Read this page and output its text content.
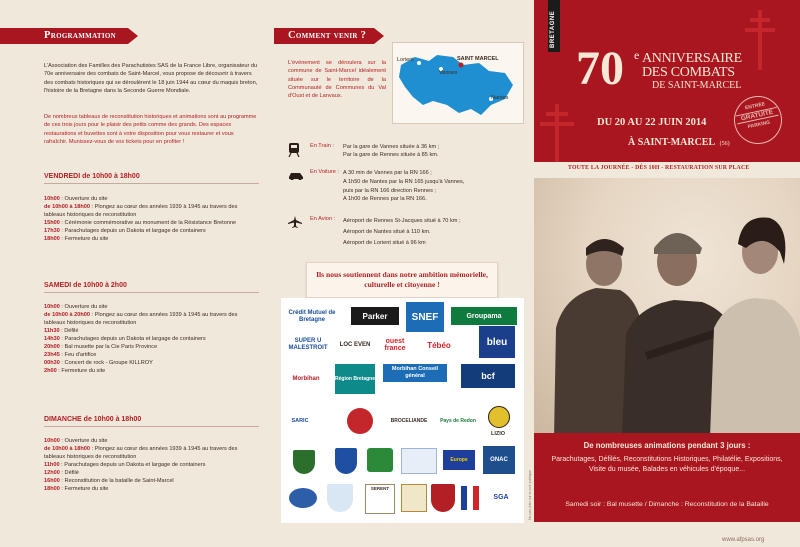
Programmation
L'Association des Familles des Parachutistes SAS de la France Libre, organisateur du 70e anniversaire des combats de Saint-Marcel, vous propose de découvrir à travers des combats historiques qui se déroulèrent le 18 juin 1944 au cœur du maquis breton, l'histoire de la Bretagne dans la Seconde Guerre Mondiale.
De nombreux tableaux de reconstitution historiques et animations sont au programme de ces trois jours pour le plaisir des petits comme des grands. Des espaces restaurations et buvettes sont à votre disposition pour vous restaurer et vous rafraîchir. Munissez-vous de vos tickets pour en profiter !
VENDREDI de 10h00 à 18h00
10h00 : Ouverture du site
de 10h00 à 18h00 : Plongez au cœur des années 1939 à 1945 au travers des tableaux historiques de reconstitution
15h00 : Cérémonie commémorative au monument de la Résistance Bretonne
17h30 : Parachutages depuis un Dakota et largage de containers
18h00 : Fermeture du site
SAMEDI de 10h00 à 2h00
10h00 : Ouverture du site
de 10h00 à 20h00 : Plongez au cœur des années 1939 à 1945 au travers des tableaux historiques de reconstitution
11h30 : Défilé
14h30 : Parachutages depuis un Dakota et largage de containers
20h00 : Bal musette par la Cie Paris Province
23h45 : Feu d'artifice
00h30 : Concert de rock - Groupe KILLROY
2h00 : Fermeture du site
DIMANCHE de 10h00 à 18h00
10h00 : Ouverture du site
de 10h00 à 18h00 : Plongez au cœur des années 1939 à 1945 au travers des tableaux historiques de reconstitution
11h00 : Parachutages depuis un Dakota et largage de containers
12h00 : Défilé
16h00 : Reconstitution de la bataille de Saint-Marcel
18h00 : Fermeture du site
Comment venir ?
L'événement se déroulera sur la commune de Saint-Marcel idéalement située sur le territoire de la Communauté de Communes du Val d'Oust et de Lanvaux.
Lorient
Vannes
SAINT MARCEL
Nantes
En Train : Par la gare de Vannes située à 36 km ;
Par la gare de Rennes située à 85 km.
En Voiture : A 30 min de Vannes par la RN 166 ;
A 1h50 de Nantes par la RN 165 jusqu'à Vannes,
puis par la RN 166 direction Rennes ;
A 1h00 de Rennes par la RN 166.
En Avion : Aéroport de Rennes St-Jacques situé à 70 km ;
Aéroport de Nantes situé à 110 km.
Aéroport de Lorient situé à 96 km
Ils nous soutiennent dans notre ambition mémorielle, culturelle et citoyenne !
Crédit Mutuel de Bretagne	Parker SNEF	Groupama
SUPER U MALESTROIT
LOC EVEN	ouest france	Tébéo	bleu
Morbihan	Région Bretagne
Morbihan Conseil général	bcf
SARIC	BROCELIANDE	Pays de Redon
LIZIO
Europe	ONAC
SERENT
SGA	Ne pas jeter sur la voie publique
BRETAGNE
70 e ANNIVERSAIRE
DES COMBATS
DE SAINT-MARCEL
DU 20 AU 22 JUIN 2014
À SAINT-MARCEL (56)
ENTRÉE
GRATUITE
PARKING
TOUTE LA JOURNÉE - DÈS 10H - RESTAURATION SUR PLACE
De nombreuses animations pendant 3 jours :
Parachutages, Défilés, Reconstitutions Historiques, Philatélie, Expositions, Visite du musée, Balades en véhicules d'époque...
Samedi soir : Bal musette / Dimanche : Reconstitution de la Bataille
www.afpsas.org
